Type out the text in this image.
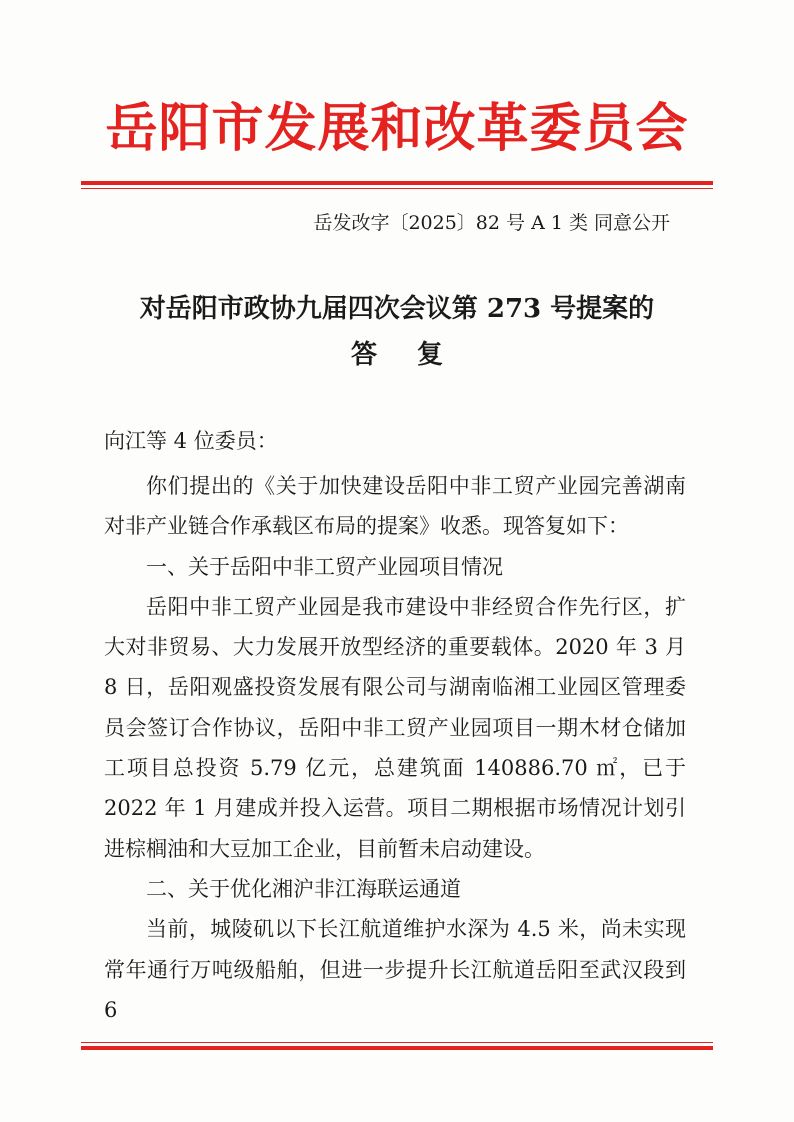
岳阳市发展和改革委员会
岳发改字〔2025〕82 号 A 1 类 同意公开
对岳阳市政协九届四次会议第 273 号提案的
答复
向江等 4 位委员：

你们提出的《关于加快建设岳阳中非工贸产业园完善湖南对非产业链合作承载区布局的提案》收悉。现答复如下：

一、关于岳阳中非工贸产业园项目情况

岳阳中非工贸产业园是我市建设中非经贸合作先行区，扩大对非贸易、大力发展开放型经济的重要载体。2020 年 3 月 8 日，岳阳观盛投资发展有限公司与湖南临湘工业园区管理委员会签订合作协议，岳阳中非工贸产业园项目一期木材仓储加工项目总投资 5.79 亿元，总建筑面 140886.70 ㎡，已于 2022 年 1 月建成并投入运营。项目二期根据市场情况计划引进棕榈油和大豆加工企业，目前暂未启动建设。

二、关于优化湘沪非江海联运通道

当前，城陵矶以下长江航道维护水深为 4.5 米，尚未实现常年通行万吨级船舶，但进一步提升长江航道岳阳至武汉段到 6
